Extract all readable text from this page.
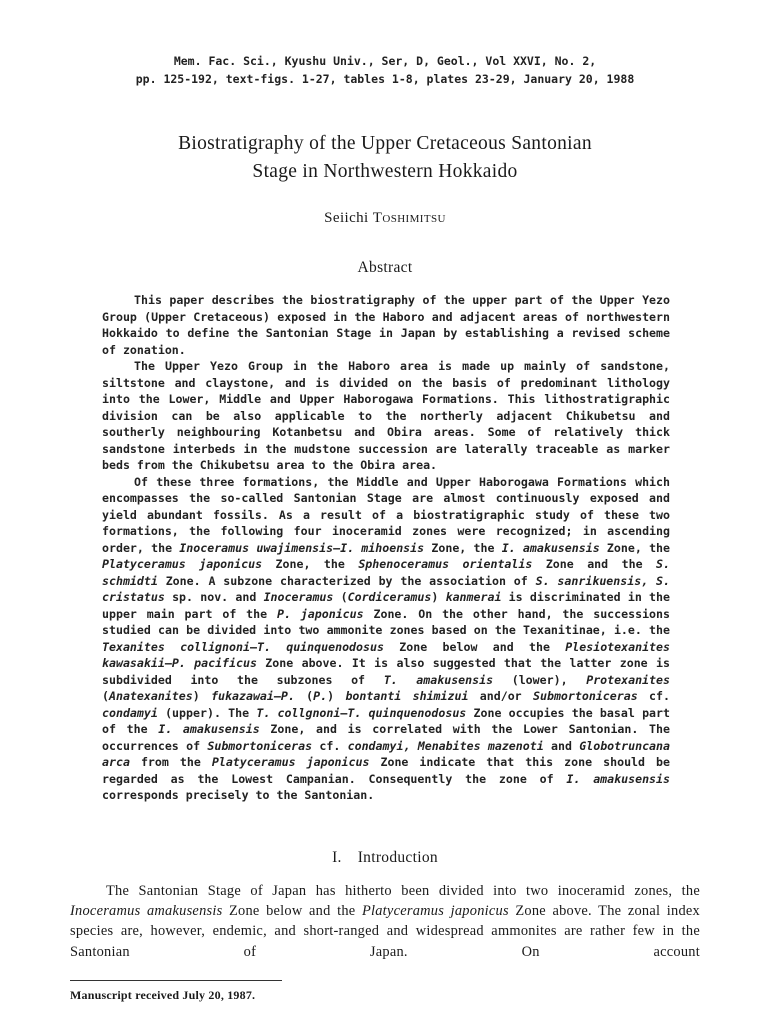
Mem. Fac. Sci., Kyushu Univ., Ser, D, Geol., Vol XXVI, No. 2,
pp. 125-192, text-figs. 1-27, tables 1-8, plates 23-29, January 20, 1988
Biostratigraphy of the Upper Cretaceous Santonian
Stage in Northwestern Hokkaido
Seiichi Toshimitsu
Abstract

This paper describes the biostratigraphy of the upper part of the Upper Yezo Group (Upper Cretaceous) exposed in the Haboro and adjacent areas of northwestern Hokkaido to define the Santonian Stage in Japan by establishing a revised scheme of zonation.

The Upper Yezo Group in the Haboro area is made up mainly of sandstone, siltstone and claystone, and is divided on the basis of predominant lithology into the Lower, Middle and Upper Haborogawa Formations. This lithostratigraphic division can be also applicable to the northerly adjacent Chikubetsu and southerly neighbouring Kotanbetsu and Obira areas. Some of relatively thick sandstone interbeds in the mudstone succession are laterally traceable as marker beds from the Chikubetsu area to the Obira area.

Of these three formations, the Middle and Upper Haborogawa Formations which encompasses the so-called Santonian Stage are almost continuously exposed and yield abundant fossils. As a result of a biostratigraphic study of these two formations, the following four inoceramid zones were recognized; in ascending order, the Inoceramus uwajimensis—I. mihoensis Zone, the I. amakusensis Zone, the Platyceramus japonicus Zone, the Sphenoceramus orientalis Zone and the S. schmidti Zone. A subzone characterized by the association of S. sanrikuensis, S. cristatus sp. nov. and Inoceramus (Cordiceramus) kanmerai is discriminated in the upper main part of the P. japonicus Zone. On the other hand, the successions studied can be divided into two ammonite zones based on the Texanitinae, i.e. the Texanites collignoni—T. quinquenodosus Zone below and the Plesiotexanites kawasakii—P. pacificus Zone above. It is also suggested that the latter zone is subdivided into the subzones of T. amakusensis (lower), Protexanites (Anatexanites) fukazawai—P. (P.) bontanti shimizui and/or Submortoniceras cf. condamyi (upper). The T. collgnoni—T. quinquenodosus Zone occupies the basal part of the I. amakusensis Zone, and is correlated with the Lower Santonian. The occurrences of Submortoniceras cf. condamyi, Menabites mazenoti and Globotruncana arca from the Platyceramus japonicus Zone indicate that this zone should be regarded as the Lowest Campanian. Consequently the zone of I. amakusensis corresponds precisely to the Santonian.

I. Introduction

The Santonian Stage of Japan has hitherto been divided into two inoceramid zones, the Inoceramus amakusensis Zone below and the Platyceramus japonicus Zone above. The zonal index species are, however, endemic, and short-ranged and widespread ammonites are rather few in the Santonian of Japan. On account

Manuscript received July 20, 1987.
